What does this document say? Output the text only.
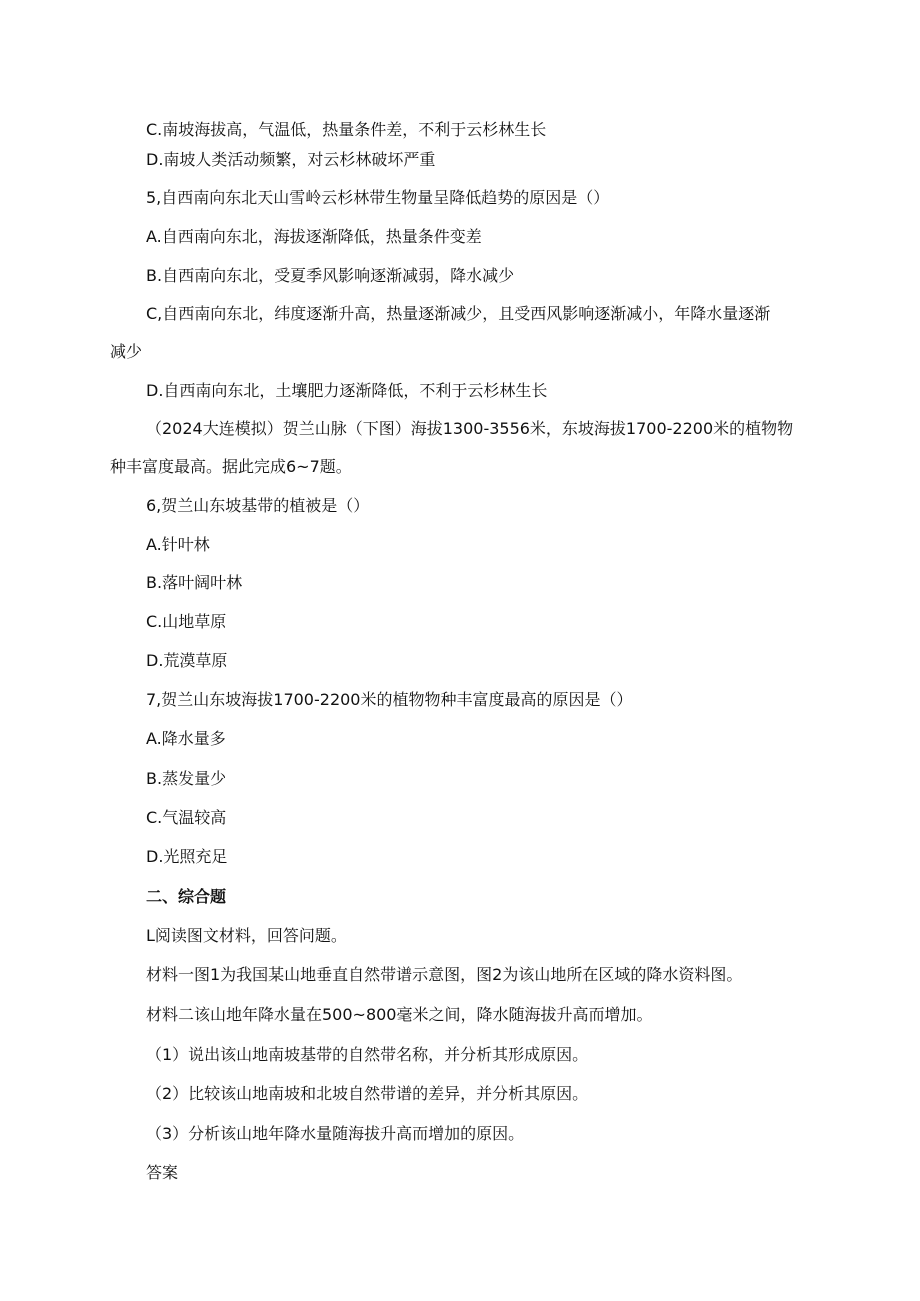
C.南坡海拔高，气温低，热量条件差，不利于云杉林生长
D.南坡人类活动频繁，对云杉林破坏严重
5,自西南向东北天山雪岭云杉林带生物量呈降低趋势的原因是（）
A.自西南向东北，海拔逐渐降低，热量条件变差
B.自西南向东北，受夏季风影响逐渐减弱，降水减少
C,自西南向东北，纬度逐渐升高，热量逐渐减少，且受西风影响逐渐减小，年降水量逐渐
减少
D.自西南向东北，土壤肥力逐渐降低，不利于云杉林生长
（2024大连模拟）贺兰山脉（下图）海拔1300-3556米，东坡海拔1700-2200米的植物物
种丰富度最高。据此完成6~7题。
6,贺兰山东坡基带的植被是（）
A.针叶林
B.落叶阔叶林
C.山地草原
D.荒漠草原
7,贺兰山东坡海拔1700-2200米的植物物种丰富度最高的原因是（）
A.降水量多
B.蒸发量少
C.气温较高
D.光照充足
二、综合题
L阅读图文材料，回答问题。
材料一图1为我国某山地垂直自然带谱示意图，图2为该山地所在区域的降水资料图。
材料二该山地年降水量在500~800毫米之间，降水随海拔升高而增加。
（1）说出该山地南坡基带的自然带名称，并分析其形成原因。
（2）比较该山地南坡和北坡自然带谱的差异，并分析其原因。
（3）分析该山地年降水量随海拔升高而增加的原因。
答案
